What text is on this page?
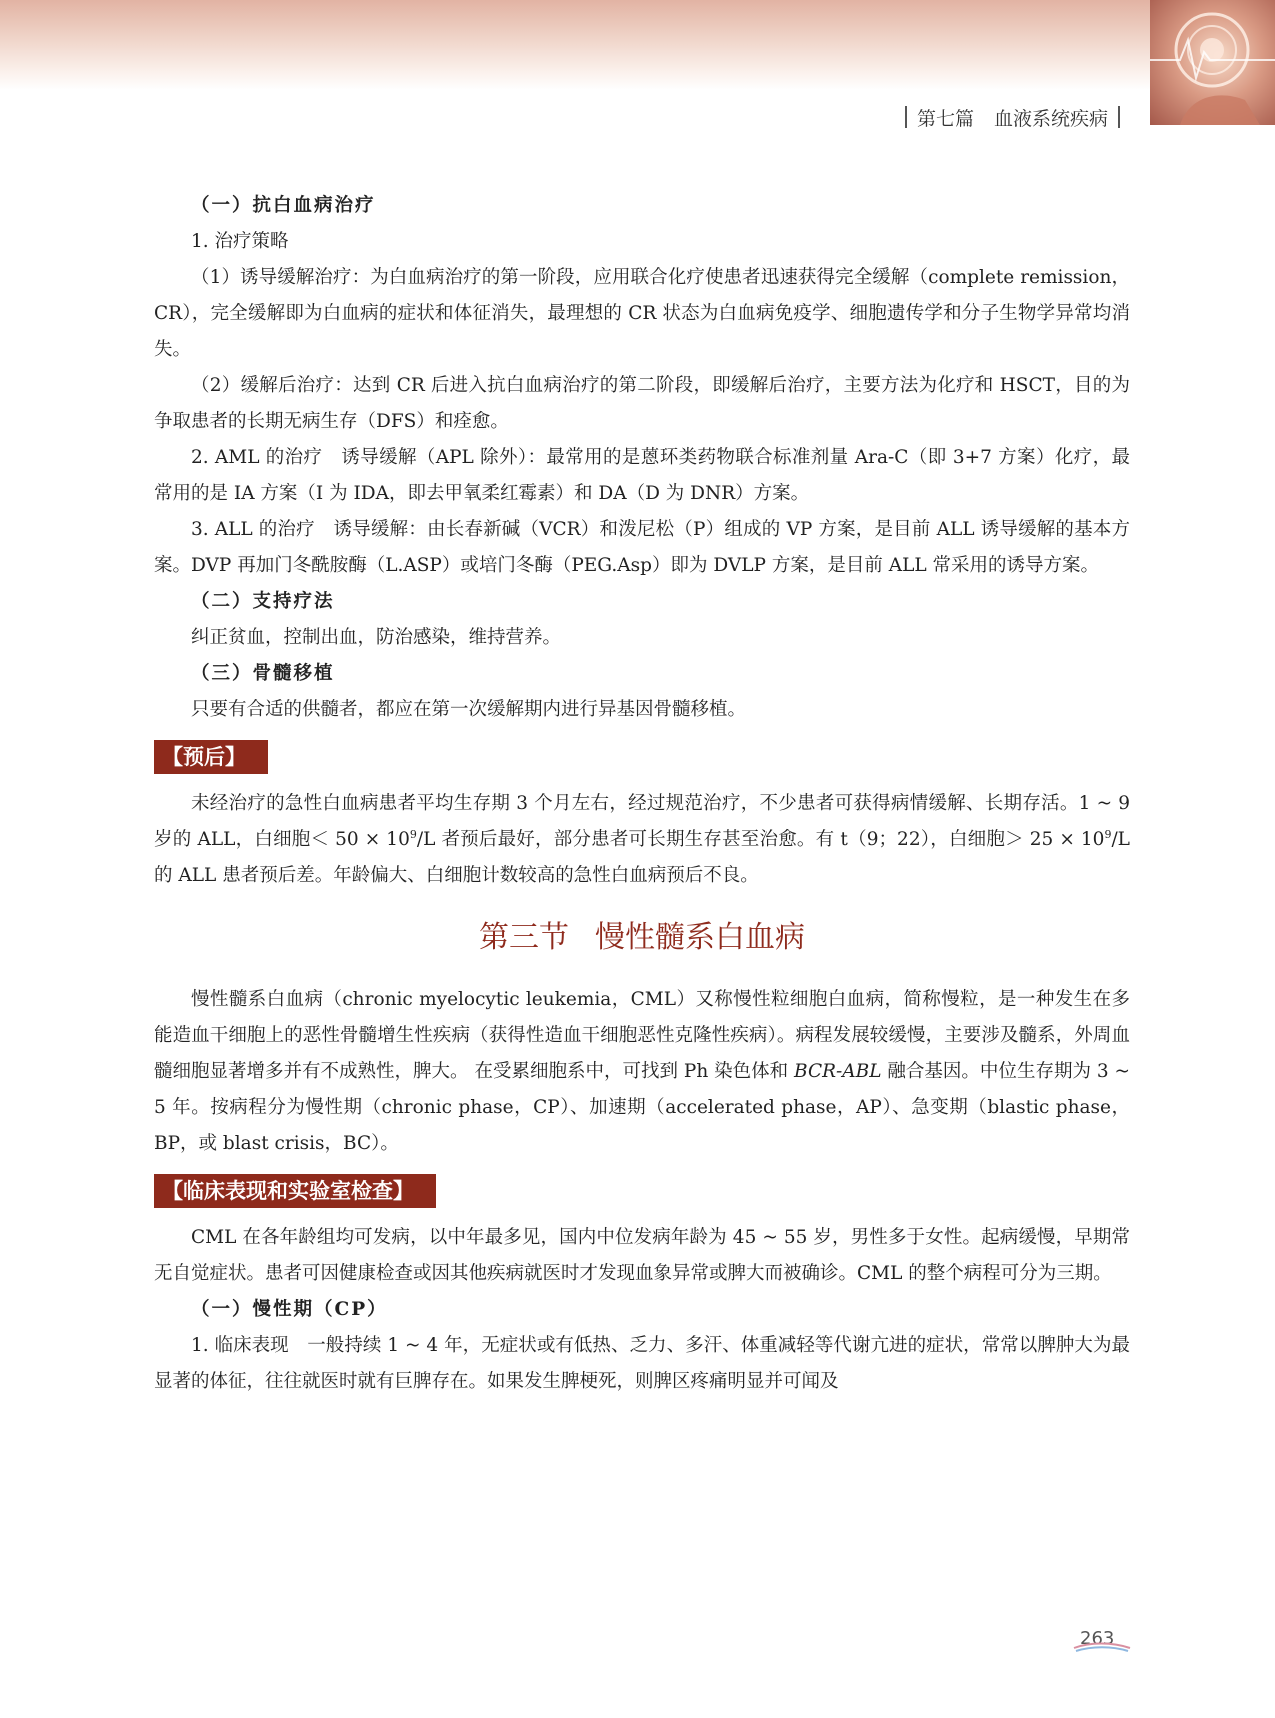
第七篇 血液系统疾病

（一）抗白血病治疗

1. 治疗策略

（1）诱导缓解治疗：为白血病治疗的第一阶段，应用联合化疗使患者迅速获得完全缓解（complete remission，CR），完全缓解即为白血病的症状和体征消失，最理想的 CR 状态为白血病免疫学、细胞遗传学和分子生物学异常均消失。

（2）缓解后治疗：达到 CR 后进入抗白血病治疗的第二阶段，即缓解后治疗，主要方法为化疗和 HSCT，目的为争取患者的长期无病生存（DFS）和痊愈。

2. AML 的治疗　诱导缓解（APL 除外）：最常用的是蒽环类药物联合标准剂量 Ara-C（即 3+7 方案）化疗，最常用的是 IA 方案（I 为 IDA，即去甲氧柔红霉素）和 DA（D 为 DNR）方案。

3. ALL 的治疗　诱导缓解：由长春新碱（VCR）和泼尼松（P）组成的 VP 方案，是目前 ALL 诱导缓解的基本方案。DVP 再加门冬酰胺酶（L.ASP）或培门冬酶（PEG.Asp）即为 DVLP 方案，是目前 ALL 常采用的诱导方案。

（二）支持疗法

纠正贫血，控制出血，防治感染，维持营养。

（三）骨髓移植

只要有合适的供髓者，都应在第一次缓解期内进行异基因骨髓移植。

【预后】

未经治疗的急性白血病患者平均生存期 3 个月左右，经过规范治疗，不少患者可获得病情缓解、长期存活。1 ~ 9 岁的 ALL，白细胞＜ $50 \times 10^9/L$ 者预后最好，部分患者可长期生存甚至治愈。有 t（9；22），白细胞＞ $25 \times 10^9/L$ 的 ALL 患者预后差。年龄偏大、白细胞计数较高的急性白血病预后不良。

第三节 慢性髓系白血病

慢性髓系白血病（chronic myelocytic leukemia，CML）又称慢性粒细胞白血病，简称慢粒，是一种发生在多能造血干细胞上的恶性骨髓增生性疾病（获得性造血干细胞恶性克隆性疾病）。病程发展较缓慢，主要涉及髓系，外周血髓细胞显著增多并有不成熟性，脾大。 在受累细胞系中，可找到 Ph 染色体和 BCR-ABL 融合基因。中位生存期为 3 ~ 5 年。按病程分为慢性期（chronic phase，CP）、加速期（accelerated phase，AP）、急变期（blastic phase，BP，或 blast crisis，BC）。

【临床表现和实验室检查】

CML 在各年龄组均可发病，以中年最多见，国内中位发病年龄为 45 ~ 55 岁，男性多于女性。起病缓慢，早期常无自觉症状。患者可因健康检查或因其他疾病就医时才发现血象异常或脾大而被确诊。CML 的整个病程可分为三期。

（一）慢性期（CP）

1. 临床表现　一般持续 1 ~ 4 年，无症状或有低热、乏力、多汗、体重减轻等代谢亢进的症状，常常以脾肿大为最显著的体征，往往就医时就有巨脾存在。如果发生脾梗死，则脾区疼痛明显并可闻及

263
